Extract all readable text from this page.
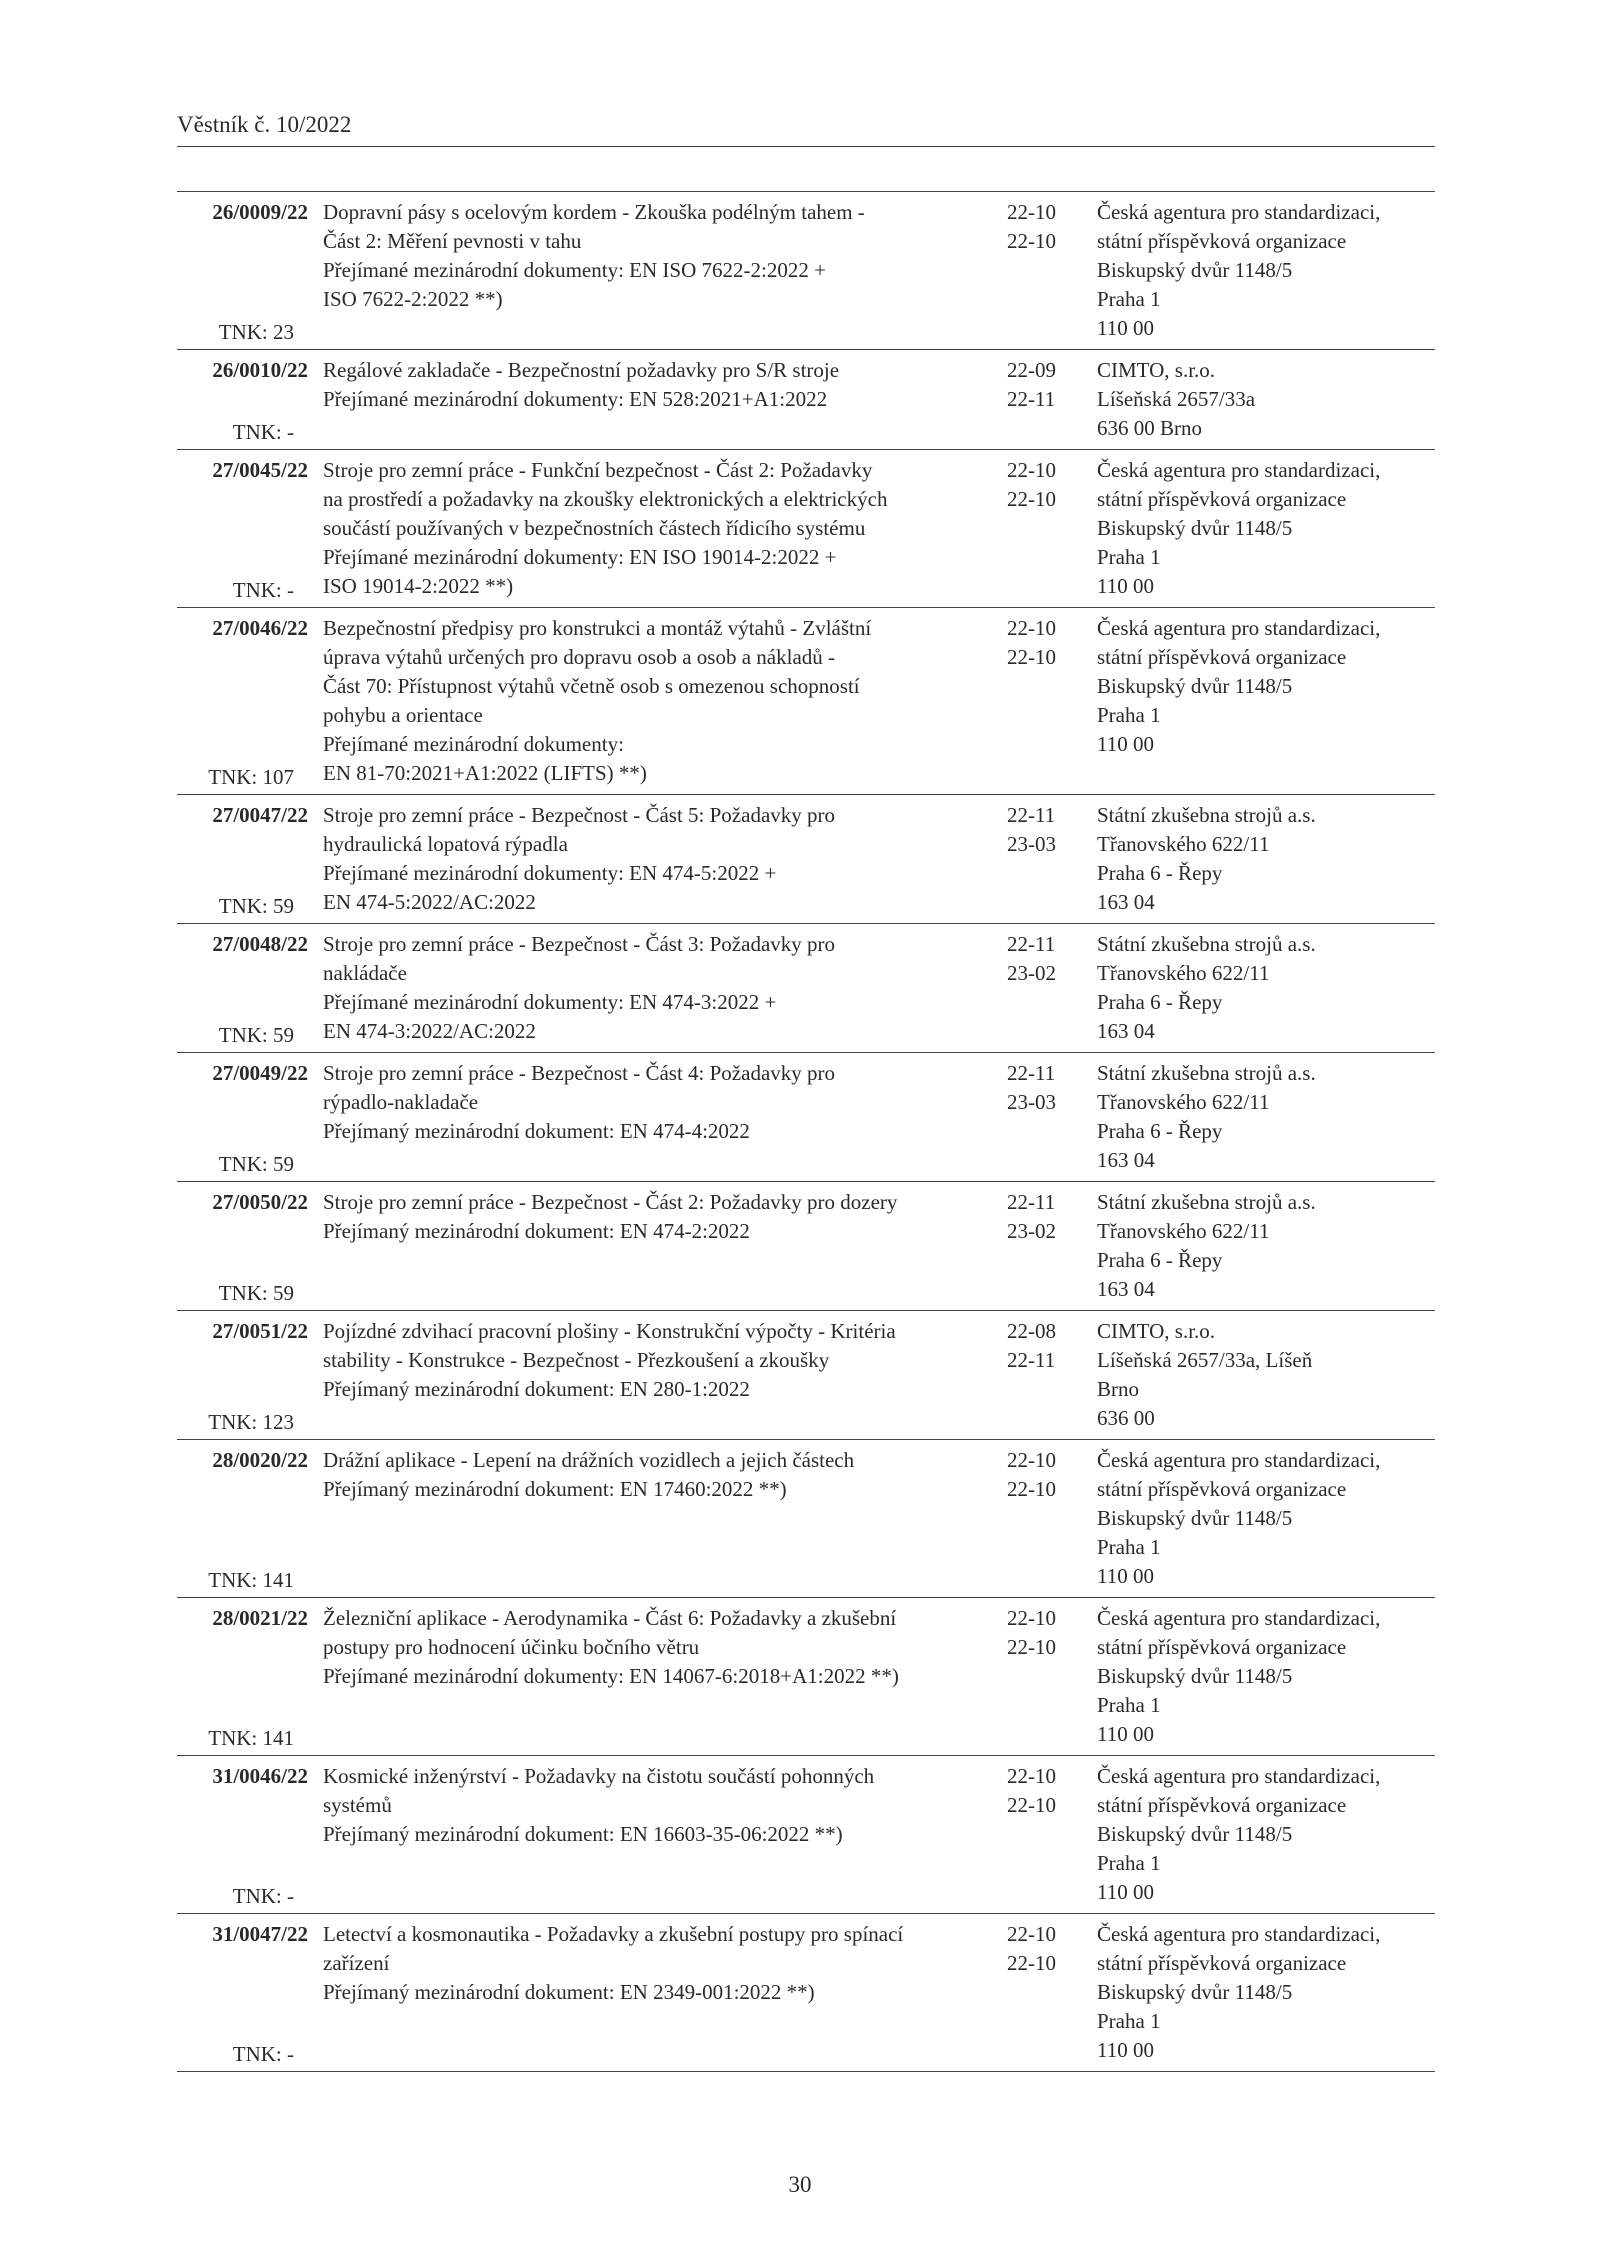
Věstník č. 10/2022
26/0009/22
TNK: 23
Dopravní pásy s ocelovým kordem - Zkouška podélným tahem -
Část 2: Měření pevnosti v tahu
Přejímané mezinárodní dokumenty: EN ISO 7622-2:2022 +
ISO 7622-2:2022 **)
22-10
22-10
Česká agentura pro standardizaci,
státní příspěvková organizace
Biskupský dvůr 1148/5
Praha 1
110 00
26/0010/22
TNK: -
Regálové zakladače - Bezpečnostní požadavky pro S/R stroje
Přejímané mezinárodní dokumenty: EN 528:2021+A1:2022
22-09
22-11
CIMTO, s.r.o.
Líšeňská 2657/33a
636 00 Brno
27/0045/22
TNK: -
Stroje pro zemní práce - Funkční bezpečnost - Část 2: Požadavky
na prostředí a požadavky na zkoušky elektronických a elektrických
součástí používaných v bezpečnostních částech řídicího systému
Přejímané mezinárodní dokumenty: EN ISO 19014-2:2022 +
ISO 19014-2:2022 **)
22-10
22-10
Česká agentura pro standardizaci,
státní příspěvková organizace
Biskupský dvůr 1148/5
Praha 1
110 00
27/0046/22
TNK: 107
Bezpečnostní předpisy pro konstrukci a montáž výtahů - Zvláštní
úprava výtahů určených pro dopravu osob a osob a nákladů -
Část 70: Přístupnost výtahů včetně osob s omezenou schopností
pohybu a orientace
Přejímané mezinárodní dokumenty:
EN 81-70:2021+A1:2022 (LIFTS) **)
22-10
22-10
Česká agentura pro standardizaci,
státní příspěvková organizace
Biskupský dvůr 1148/5
Praha 1
110 00
27/0047/22
TNK: 59
Stroje pro zemní práce - Bezpečnost - Část 5: Požadavky pro
hydraulická lopatová rýpadla
Přejímané mezinárodní dokumenty: EN 474-5:2022 +
EN 474-5:2022/AC:2022
22-11
23-03
Státní zkušebna strojů a.s.
Třanovského 622/11
Praha 6 - Řepy
163 04
27/0048/22
TNK: 59
Stroje pro zemní práce - Bezpečnost - Část 3: Požadavky pro
nakládače
Přejímané mezinárodní dokumenty: EN 474-3:2022 +
EN 474-3:2022/AC:2022
22-11
23-02
Státní zkušebna strojů a.s.
Třanovského 622/11
Praha 6 - Řepy
163 04
27/0049/22
TNK: 59
Stroje pro zemní práce - Bezpečnost - Část 4: Požadavky pro
rýpadlo-nakladače
Přejímaný mezinárodní dokument: EN 474-4:2022
22-11
23-03
Státní zkušebna strojů a.s.
Třanovského 622/11
Praha 6 - Řepy
163 04
27/0050/22
TNK: 59
Stroje pro zemní práce - Bezpečnost - Část 2: Požadavky pro dozery
Přejímaný mezinárodní dokument: EN 474-2:2022
22-11
23-02
Státní zkušebna strojů a.s.
Třanovského 622/11
Praha 6 - Řepy
163 04
27/0051/22
TNK: 123
Pojízdné zdvihací pracovní plošiny - Konstrukční výpočty - Kritéria
stability - Konstrukce - Bezpečnost - Přezkoušení a zkoušky
Přejímaný mezinárodní dokument: EN 280-1:2022
22-08
22-11
CIMTO, s.r.o.
Líšeňská 2657/33a, Líšeň
Brno
636 00
28/0020/22
TNK: 141
Drážní aplikace - Lepení na drážních vozidlech a jejich částech
Přejímaný mezinárodní dokument: EN 17460:2022 **)
22-10
22-10
Česká agentura pro standardizaci,
státní příspěvková organizace
Biskupský dvůr 1148/5
Praha 1
110 00
28/0021/22
TNK: 141
Železniční aplikace - Aerodynamika - Část 6: Požadavky a zkušební
postupy pro hodnocení účinku bočního větru
Přejímané mezinárodní dokumenty: EN 14067-6:2018+A1:2022 **)
22-10
22-10
Česká agentura pro standardizaci,
státní příspěvková organizace
Biskupský dvůr 1148/5
Praha 1
110 00
31/0046/22
TNK: -
Kosmické inženýrství - Požadavky na čistotu součástí pohonných
systémů
Přejímaný mezinárodní dokument: EN 16603-35-06:2022 **)
22-10
22-10
Česká agentura pro standardizaci,
státní příspěvková organizace
Biskupský dvůr 1148/5
Praha 1
110 00
31/0047/22
TNK: -
Letectví a kosmonautika - Požadavky a zkušební postupy pro spínací
zařízení
Přejímaný mezinárodní dokument: EN 2349-001:2022 **)
22-10
22-10
Česká agentura pro standardizaci,
státní příspěvková organizace
Biskupský dvůr 1148/5
Praha 1
110 00
30
